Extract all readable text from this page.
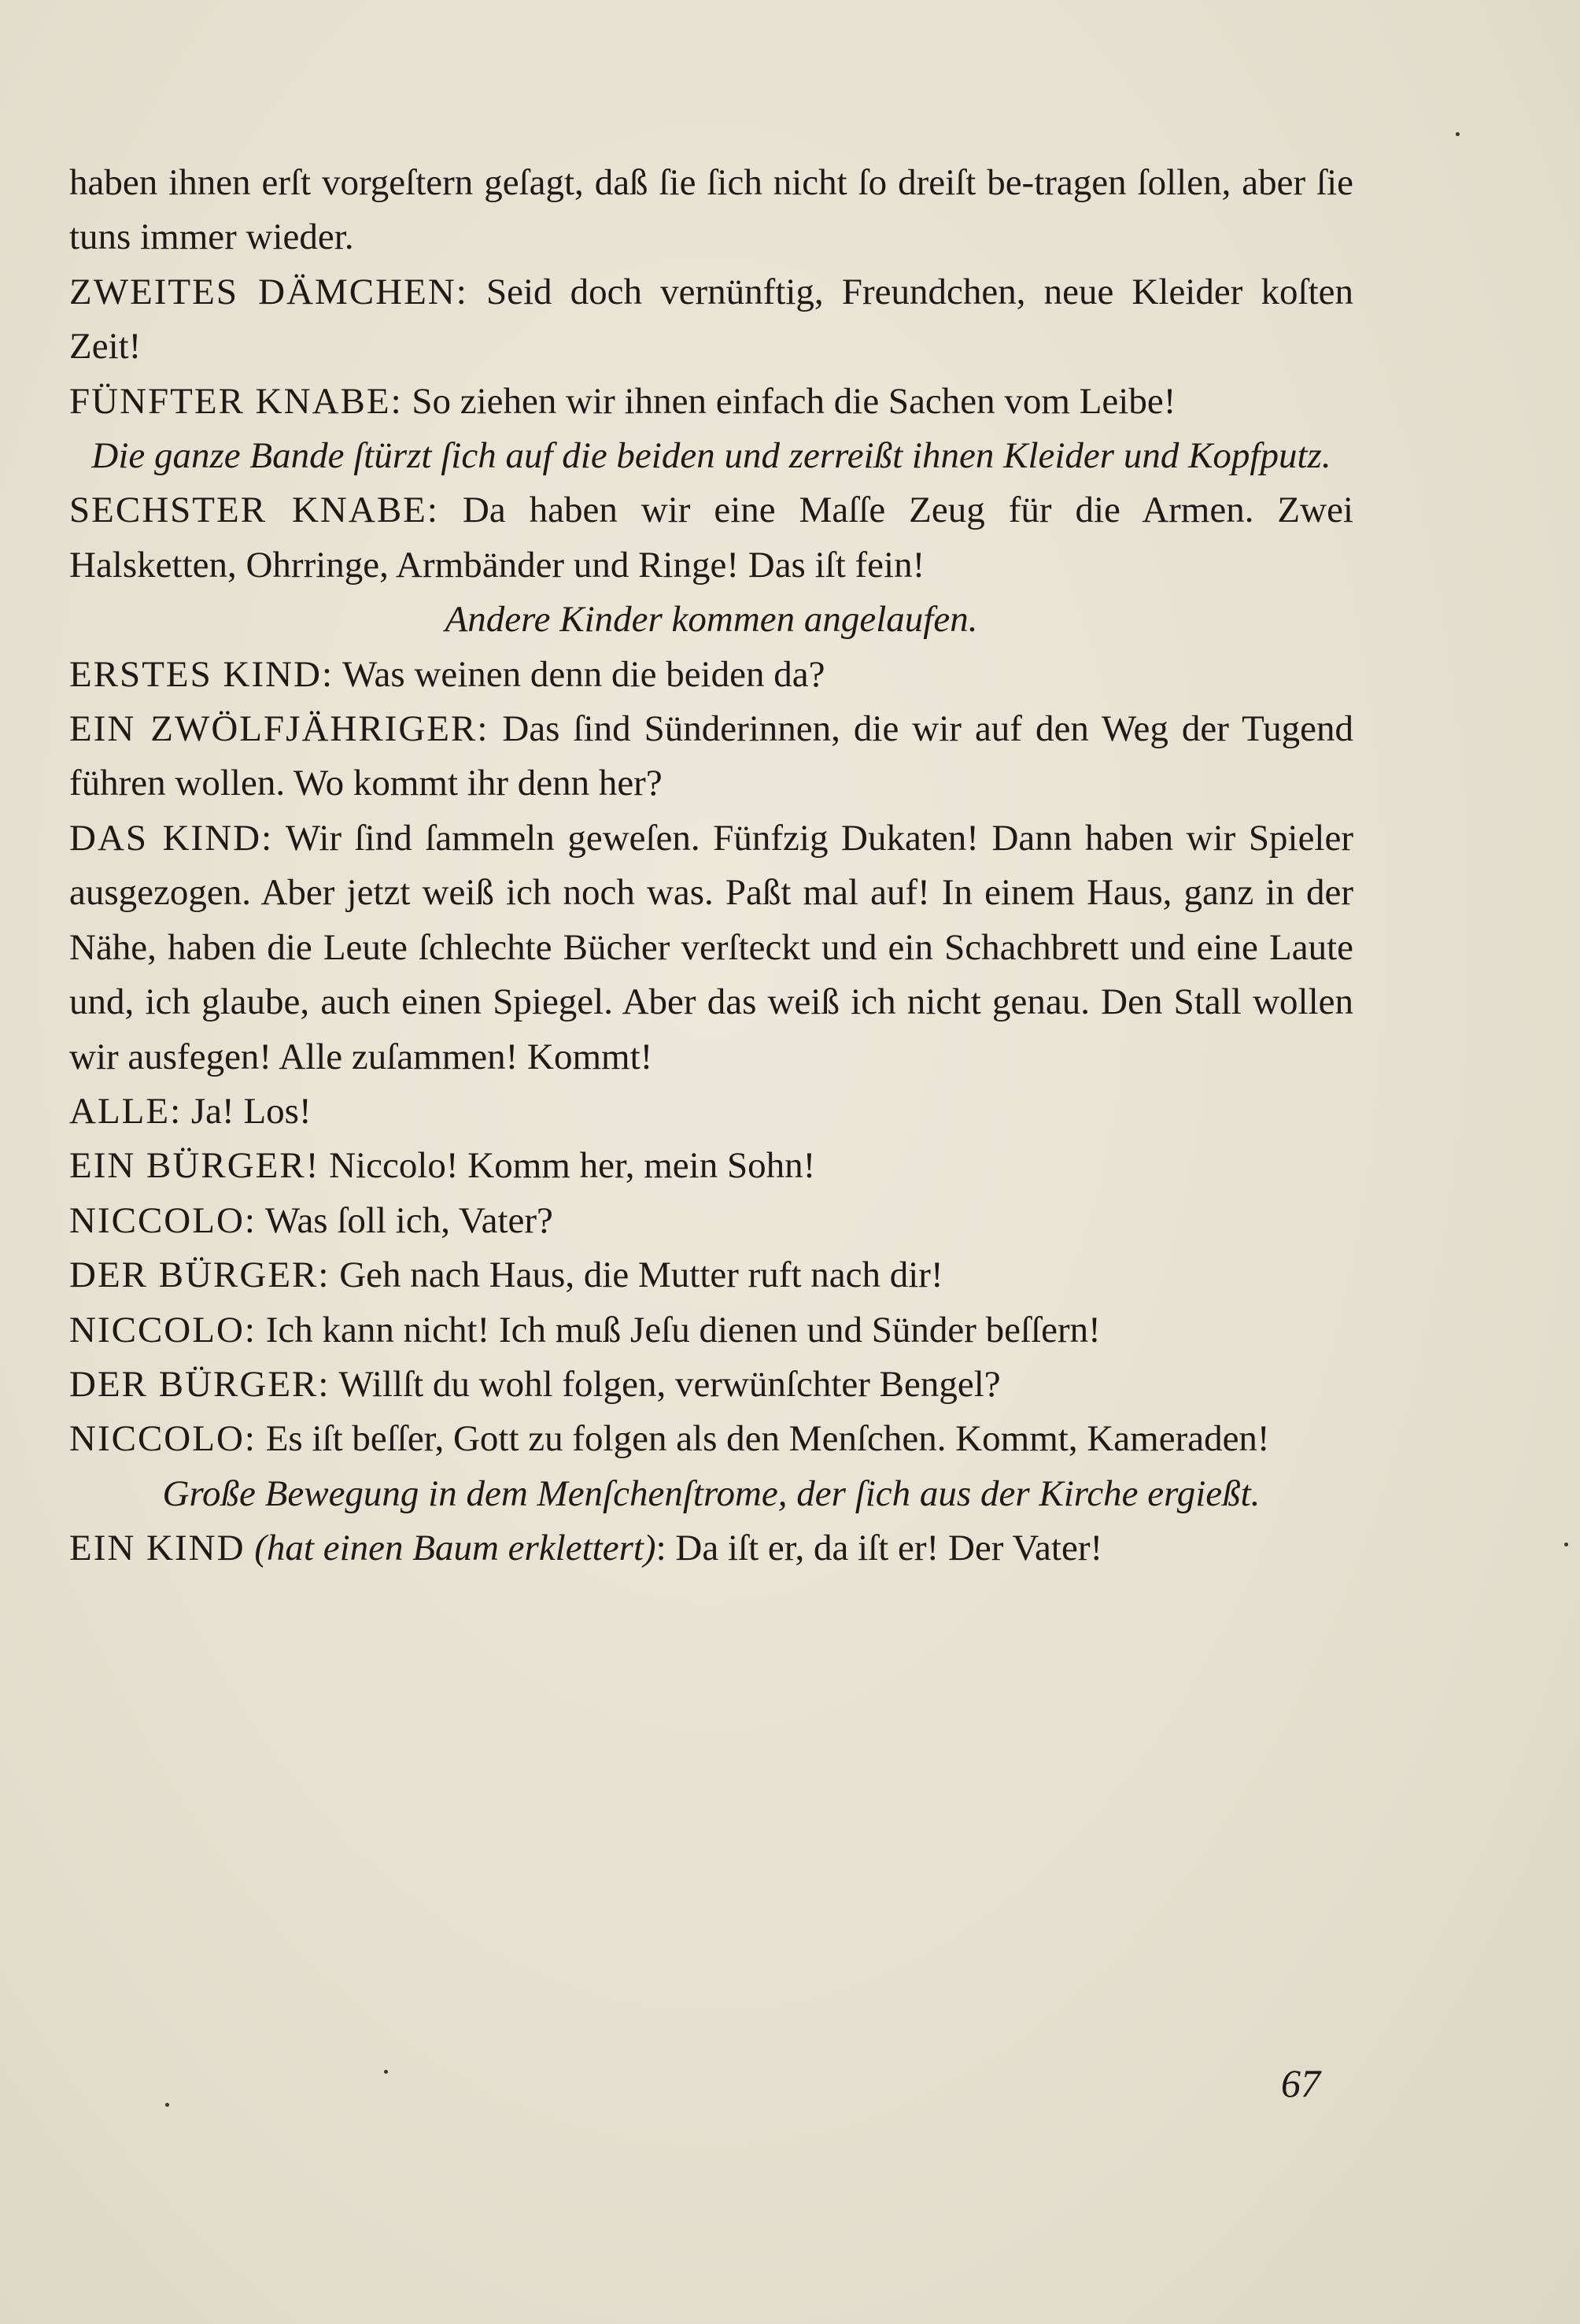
haben ihnen erſt vorgeſtern geſagt, daß ſie ſich nicht ſo dreiſt be-tragen ſollen, aber ſie tuns immer wieder.

ZWEITES DÄMCHEN: Seid doch vernünftig, Freundchen, neue Kleider koſten Zeit!

FÜNFTER KNABE: So ziehen wir ihnen einfach die Sachen vom Leibe!

Die ganze Bande ſtürzt ſich auf die beiden und zerreißt ihnen Kleider und Kopfputz.

SECHSTER KNABE: Da haben wir eine Maſſe Zeug für die Armen. Zwei Halsketten, Ohrringe, Armbänder und Ringe! Das iſt fein!

Andere Kinder kommen angelaufen.

ERSTES KIND: Was weinen denn die beiden da?

EIN ZWÖLFJÄHRIGER: Das ſind Sünderinnen, die wir auf den Weg der Tugend führen wollen. Wo kommt ihr denn her?

DAS KIND: Wir ſind ſammeln geweſen. Fünfzig Dukaten! Dann haben wir Spieler ausgezogen. Aber jetzt weiß ich noch was. Paßt mal auf! In einem Haus, ganz in der Nähe, haben die Leute ſchlechte Bücher verſteckt und ein Schachbrett und eine Laute und, ich glaube, auch einen Spiegel. Aber das weiß ich nicht genau. Den Stall wollen wir ausfegen! Alle zuſammen! Kommt!

ALLE: Ja! Los!

EIN BÜRGER! Niccolo! Komm her, mein Sohn!

NICCOLO: Was ſoll ich, Vater?

DER BÜRGER: Geh nach Haus, die Mutter ruft nach dir!

NICCOLO: Ich kann nicht! Ich muß Jeſu dienen und Sünder beſſern!

DER BÜRGER: Willſt du wohl folgen, verwünſchter Bengel?

NICCOLO: Es iſt beſſer, Gott zu folgen als den Menſchen. Kommt, Kameraden!

Große Bewegung in dem Menſchenſtrome, der ſich aus der Kirche ergießt.

EIN KIND (hat einen Baum erklettert): Da iſt er, da iſt er! Der Vater!

67
